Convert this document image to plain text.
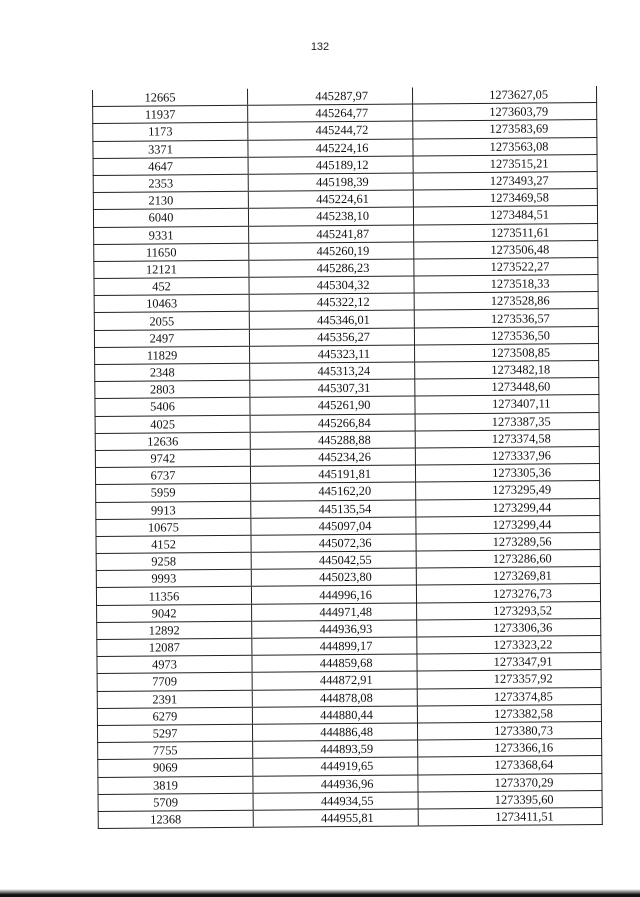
132
12665	445287,97	1273627,05
11937	445264,77	1273603,79
1173	445244,72	1273583,69
3371	445224,16	1273563,08
4647	445189,12	1273515,21
2353	445198,39	1273493,27
2130	445224,61	1273469,58
6040	445238,10	1273484,51
9331	445241,87	1273511,61
11650	445260,19	1273506,48
12121	445286,23	1273522,27
452	445304,32	1273518,33
10463	445322,12	1273528,86
2055	445346,01	1273536,57
2497	445356,27	1273536,50
11829	445323,11	1273508,85
2348	445313,24	1273482,18
2803	445307,31	1273448,60
5406	445261,90	1273407,11
4025	445266,84	1273387,35
12636	445288,88	1273374,58
9742	445234,26	1273337,96
6737	445191,81	1273305,36
5959	445162,20	1273295,49
9913	445135,54	1273299,44
10675	445097,04	1273299,44
4152	445072,36	1273289,56
9258	445042,55	1273286,60
9993	445023,80	1273269,81
11356	444996,16	1273276,73
9042	444971,48	1273293,52
12892	444936,93	1273306,36
12087	444899,17	1273323,22
4973	444859,68	1273347,91
7709	444872,91	1273357,92
2391	444878,08	1273374,85
6279	444880,44	1273382,58
5297	444886,48	1273380,73
7755	444893,59	1273366,16
9069	444919,65	1273368,64
3819	444936,96	1273370,29
5709	444934,55	1273395,60
12368	444955,81	1273411,51
